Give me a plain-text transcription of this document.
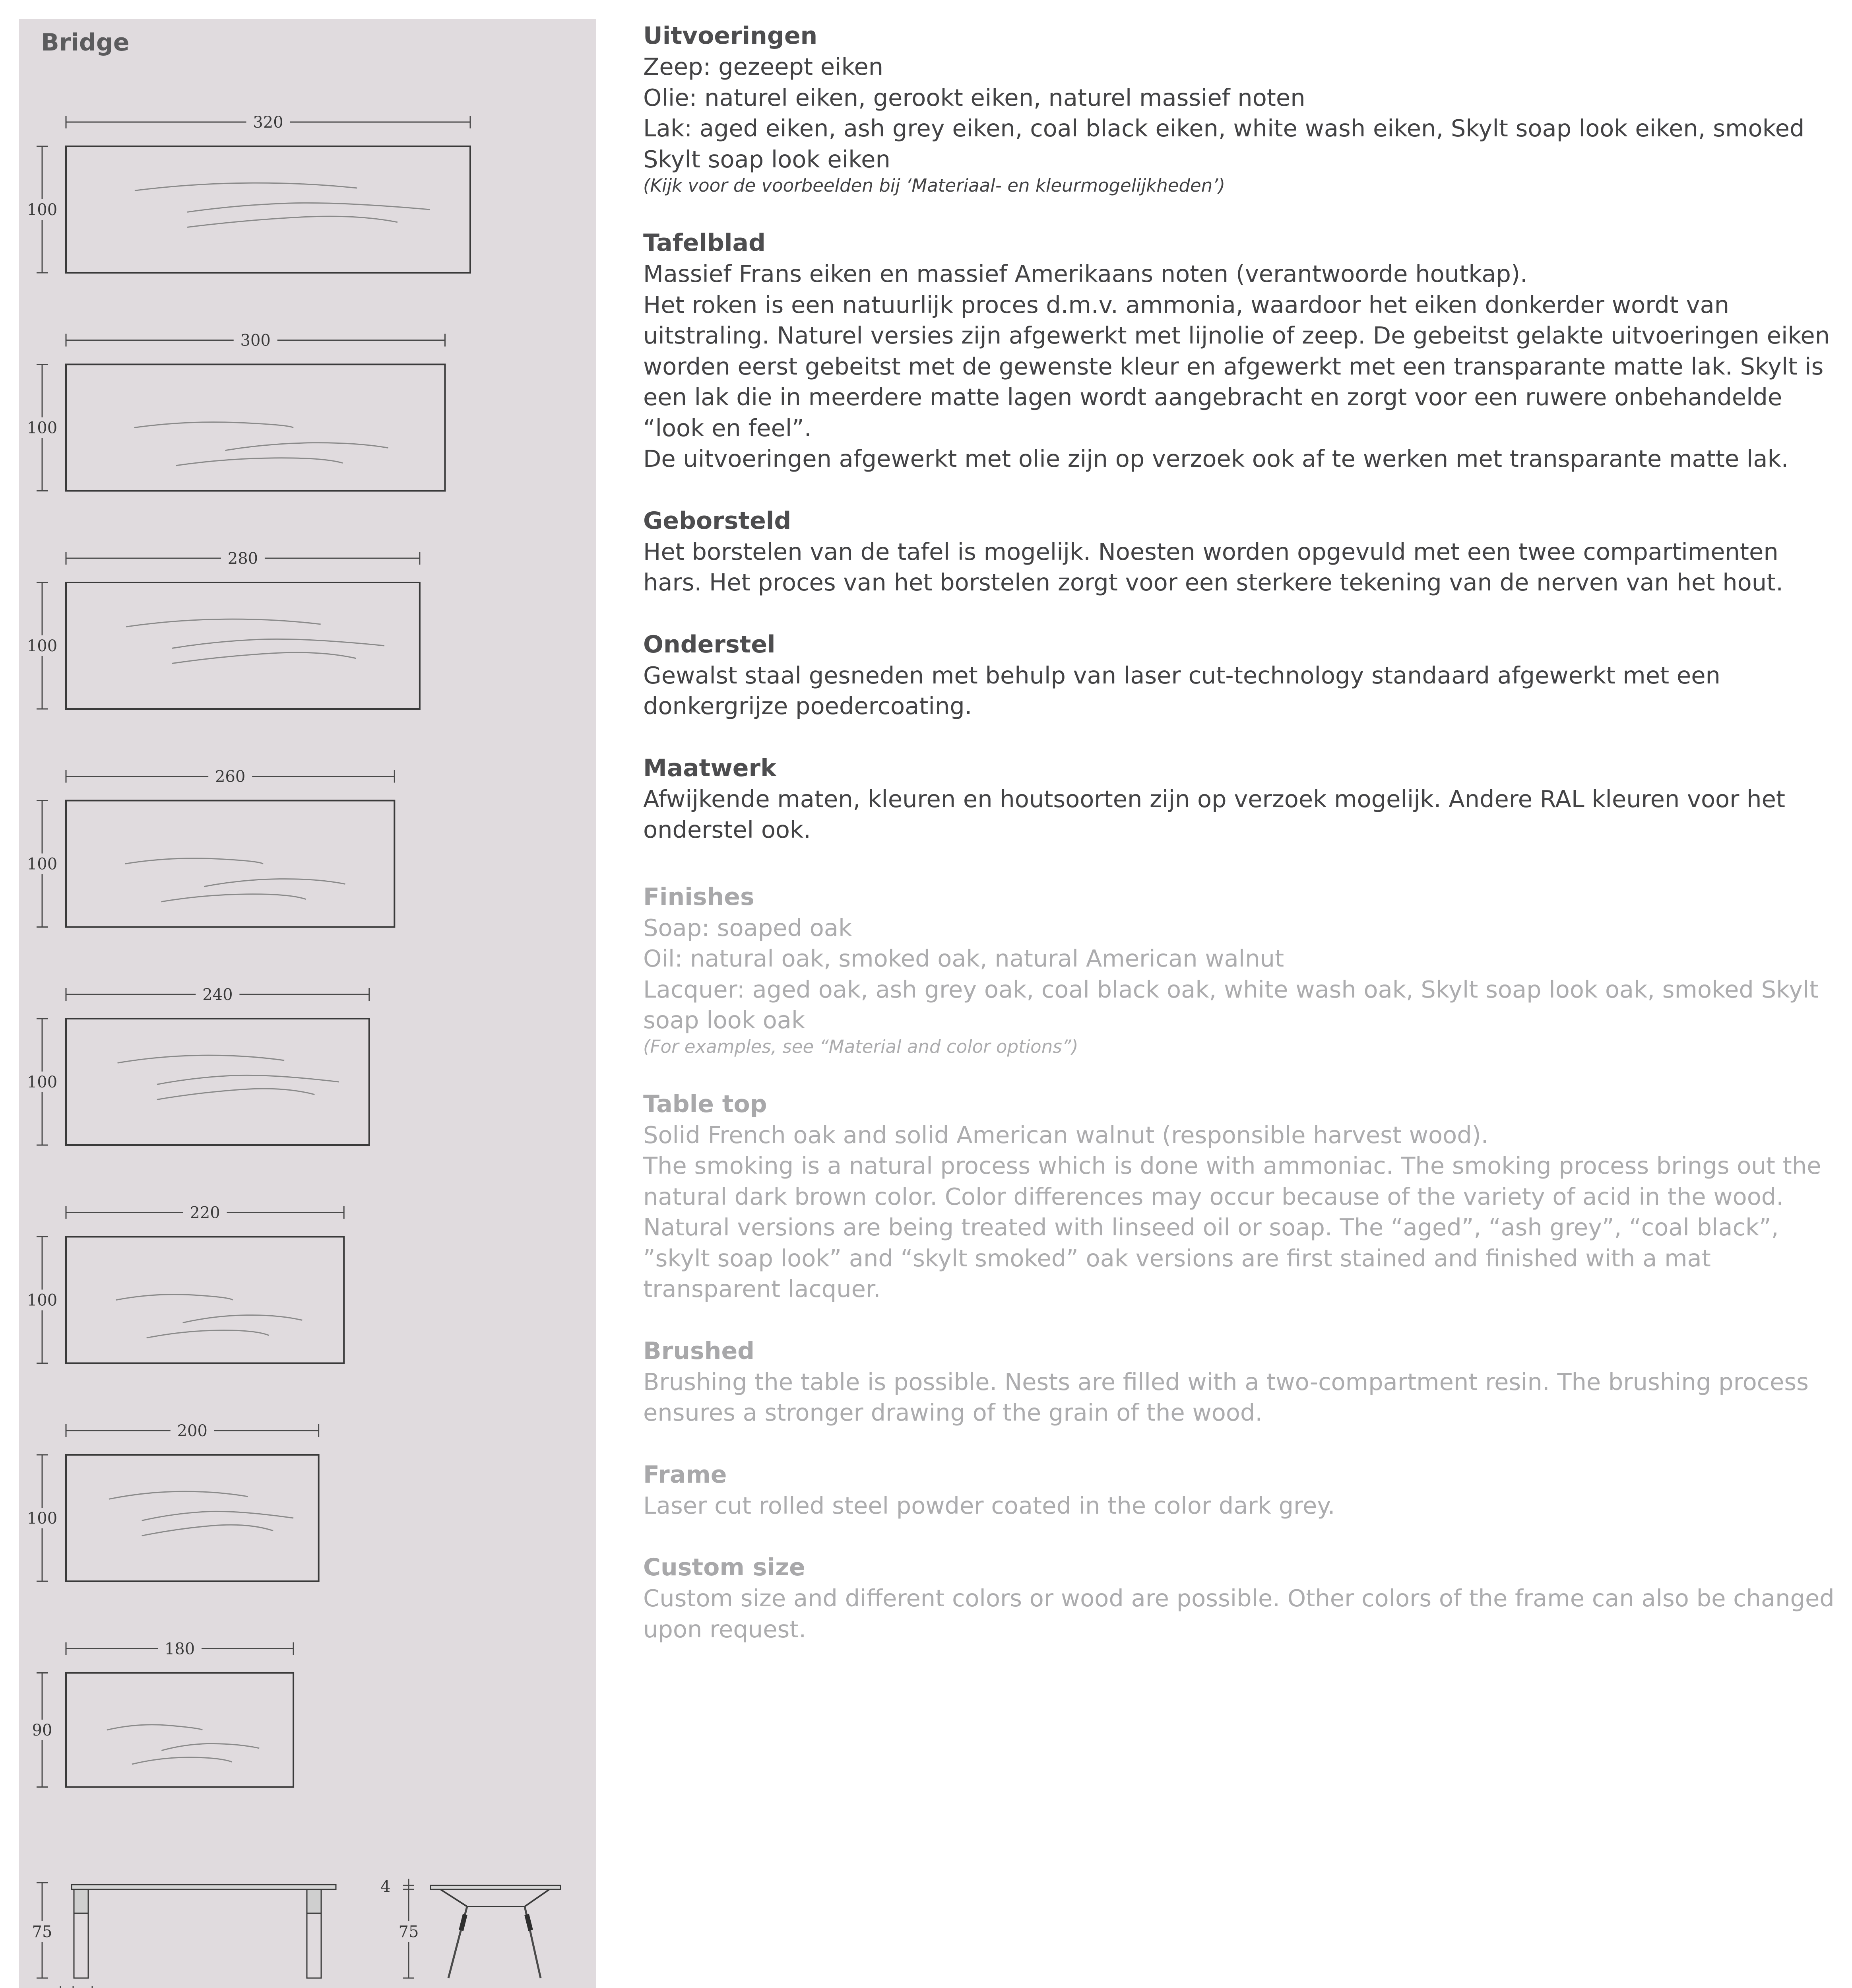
Bridge
320
100
300
100
280
100
260
100
240
100
220
100
200
100
180
90
75
4
75
Uitvoeringen

Zeep: gezeept eiken

Olie: naturel eiken, gerookt eiken, naturel massief noten

Lak: aged eiken, ash grey eiken, coal black eiken, white wash eiken, Skylt soap look eiken, smoked Skylt soap look eiken

(Kijk voor de voorbeelden bij ‘Materiaal- en kleurmogelijkheden’)

Tafelblad

Massief Frans eiken en massief Amerikaans noten (verantwoorde houtkap).

Het roken is een natuurlijk proces d.m.v. ammonia, waardoor het eiken donkerder wordt van uitstraling. Naturel versies zijn afgewerkt met lijnolie of zeep. De gebeitst gelakte uitvoeringen eiken worden eerst gebeitst met de gewenste kleur en afgewerkt met een transparante matte lak. Skylt is een lak die in meerdere matte lagen wordt aangebracht en zorgt voor een ruwere onbehandelde “look en feel”.

De uitvoeringen afgewerkt met olie zijn op verzoek ook af te werken met transparante matte lak.

Geborsteld

Het borstelen van de tafel is mogelijk. Noesten worden opgevuld met een twee compartimenten hars. Het proces van het borstelen zorgt voor een sterkere tekening van de nerven van het hout.

Onderstel

Gewalst staal gesneden met behulp van laser cut-technology standaard afgewerkt met een donkergrijze poedercoating.

Maatwerk

Afwijkende maten, kleuren en houtsoorten zijn op verzoek mogelijk. Andere RAL kleuren voor het onderstel ook.

Finishes

Soap: soaped oak

Oil: natural oak, smoked oak, natural American walnut

Lacquer: aged oak, ash grey oak, coal black oak, white wash oak, Skylt soap look oak, smoked Skylt soap look oak

(For examples, see “Material and color options”)

Table top

Solid French oak and solid American walnut (responsible harvest wood).

The smoking is a natural process which is done with ammoniac. The smoking process brings out the natural dark brown color. Color differences may occur because of the variety of acid in the wood. Natural versions are being treated with linseed oil or soap. The “aged”, “ash grey”, “coal black”, ”skylt soap look” and “skylt smoked” oak versions are first stained and finished with a mat transparent lacquer.

Brushed

Brushing the table is possible. Nests are filled with a two-compartment resin. The brushing process ensures a stronger drawing of the grain of the wood.

Frame

Laser cut rolled steel powder coated in the color dark grey.

Custom size

Custom size and different colors or wood are possible. Other colors of the frame can also be changed upon request.
